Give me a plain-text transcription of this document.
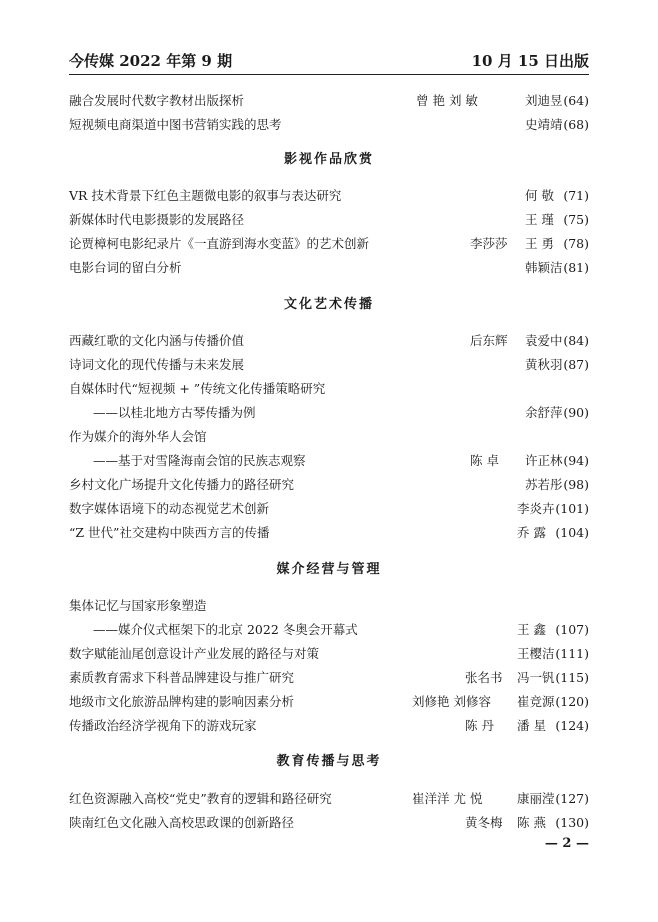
今传媒 2022 年第 9 期	10 月 15 日出版
融合发展时代数字教材出版探析	曾 艳 刘 敏	刘迪昱 (64)
短视频电商渠道中图书营销实践的思考	史靖靖 (68)
影视作品欣赏
VR 技术背景下红色主题微电影的叙事与表达研究	何 敬 (71)
新媒体时代电影摄影的发展路径	王 瑾 (75)
论贾樟柯电影纪录片《一直游到海水变蓝》的艺术创新	李莎莎 王 勇 (78)
电影台词的留白分析	韩颖洁 (81)
文化艺术传播
西藏红歌的文化内涵与传播价值	后东辉 袁爱中 (84)
诗词文化的现代传播与未来发展	黄秋羽 (87)
自媒体时代“短视频 + ”传统文化传播策略研究
——以桂北地方古琴传播为例	余舒萍 (90)
作为媒介的海外华人会馆
——基于对雪隆海南会馆的民族志观察	陈 卓 许正林 (94)
乡村文化广场提升文化传播力的路径研究	苏若彤 (98)
数字媒体语境下的动态视觉艺术创新	李炎卉 (101)
“Z 世代”社交建构中陕西方言的传播	乔 露 (104)
媒介经营与管理
集体记忆与国家形象塑造
——媒介仪式框架下的北京 2022 冬奥会开幕式	王 鑫 (107)
数字赋能汕尾创意设计产业发展的路径与对策	王樱洁 (111)
素质教育需求下科普品牌建设与推广研究	张名书 冯一钒 (115)
地级市文化旅游品牌构建的影响因素分析	刘修艳 刘修容 崔竞源 (120)
传播政治经济学视角下的游戏玩家	陈 丹 潘 星 (124)
教育传播与思考
红色资源融入高校“党史”教育的逻辑和路径研究	崔洋洋 尤 悦	康丽滢 (127)
陕南红色文化融入高校思政课的创新路径	黄冬梅 陈 燕 (130)
— 2 —
